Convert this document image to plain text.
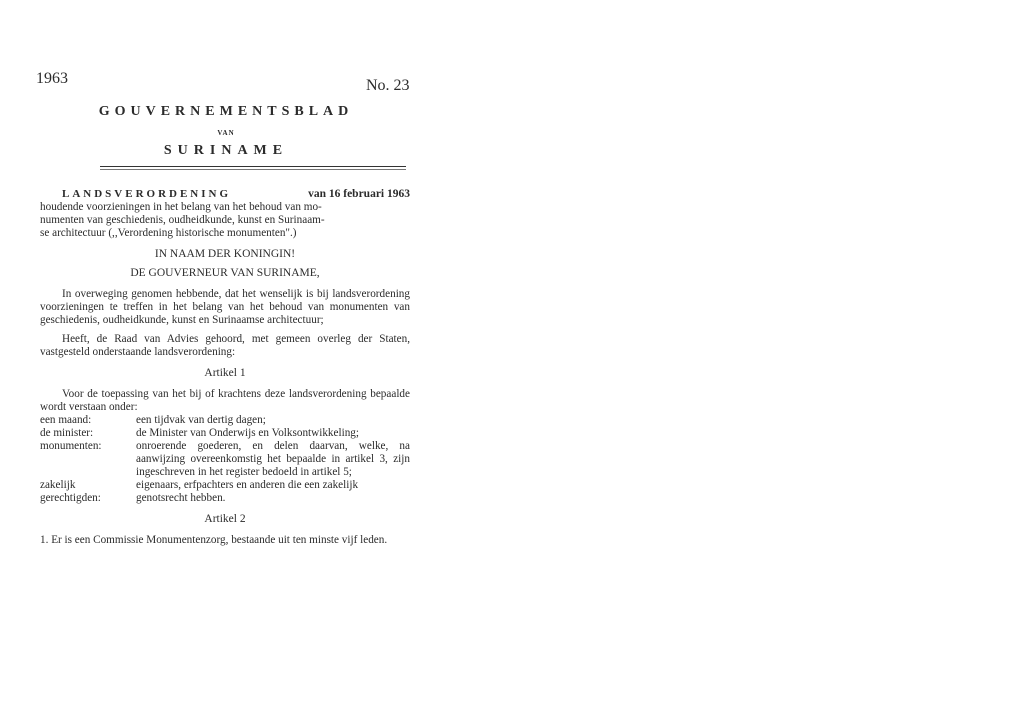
1963	No. 23
GOUVERNEMENTSBLAD
VAN
SURINAME
LANDSVERORDENING	van 16 februari 1963
houdende voorzieningen in het belang van het behoud van mo-
numenten van geschiedenis, oudheidkunde, kunst en Surinaam-
se architectuur (,,Verordening historische monumenten".)

IN NAAM DER KONINGIN!

DE GOUVERNEUR VAN SURINAME,

In overweging genomen hebbende, dat het wenselijk is bij landsverordening voorzieningen te treffen in het belang van het behoud van monumenten van geschiedenis, oudheidkunde, kunst en Surinaamse architectuur;

Heeft, de Raad van Advies gehoord, met gemeen overleg der Staten, vastgesteld onderstaande landsverordening:

Artikel 1

Voor de toepassing van het bij of krachtens deze landsverordening bepaalde wordt verstaan onder:

een maand:	een tijdvak van dertig dagen;
de minister:	de Minister van Onderwijs en Volksontwikkeling;
monumenten:	onroerende goederen, en delen daarvan, welke, na aanwijzing overeenkomstig het bepaalde in artikel 3, zijn ingeschreven in het register bedoeld in artikel 5;
zakelijk gerechtigden:
eigenaars, erfpachters en anderen die een zakelijk genotsrecht hebben.

Artikel 2

1. Er is een Commissie Monumentenzorg, bestaande uit ten minste vijf leden.
